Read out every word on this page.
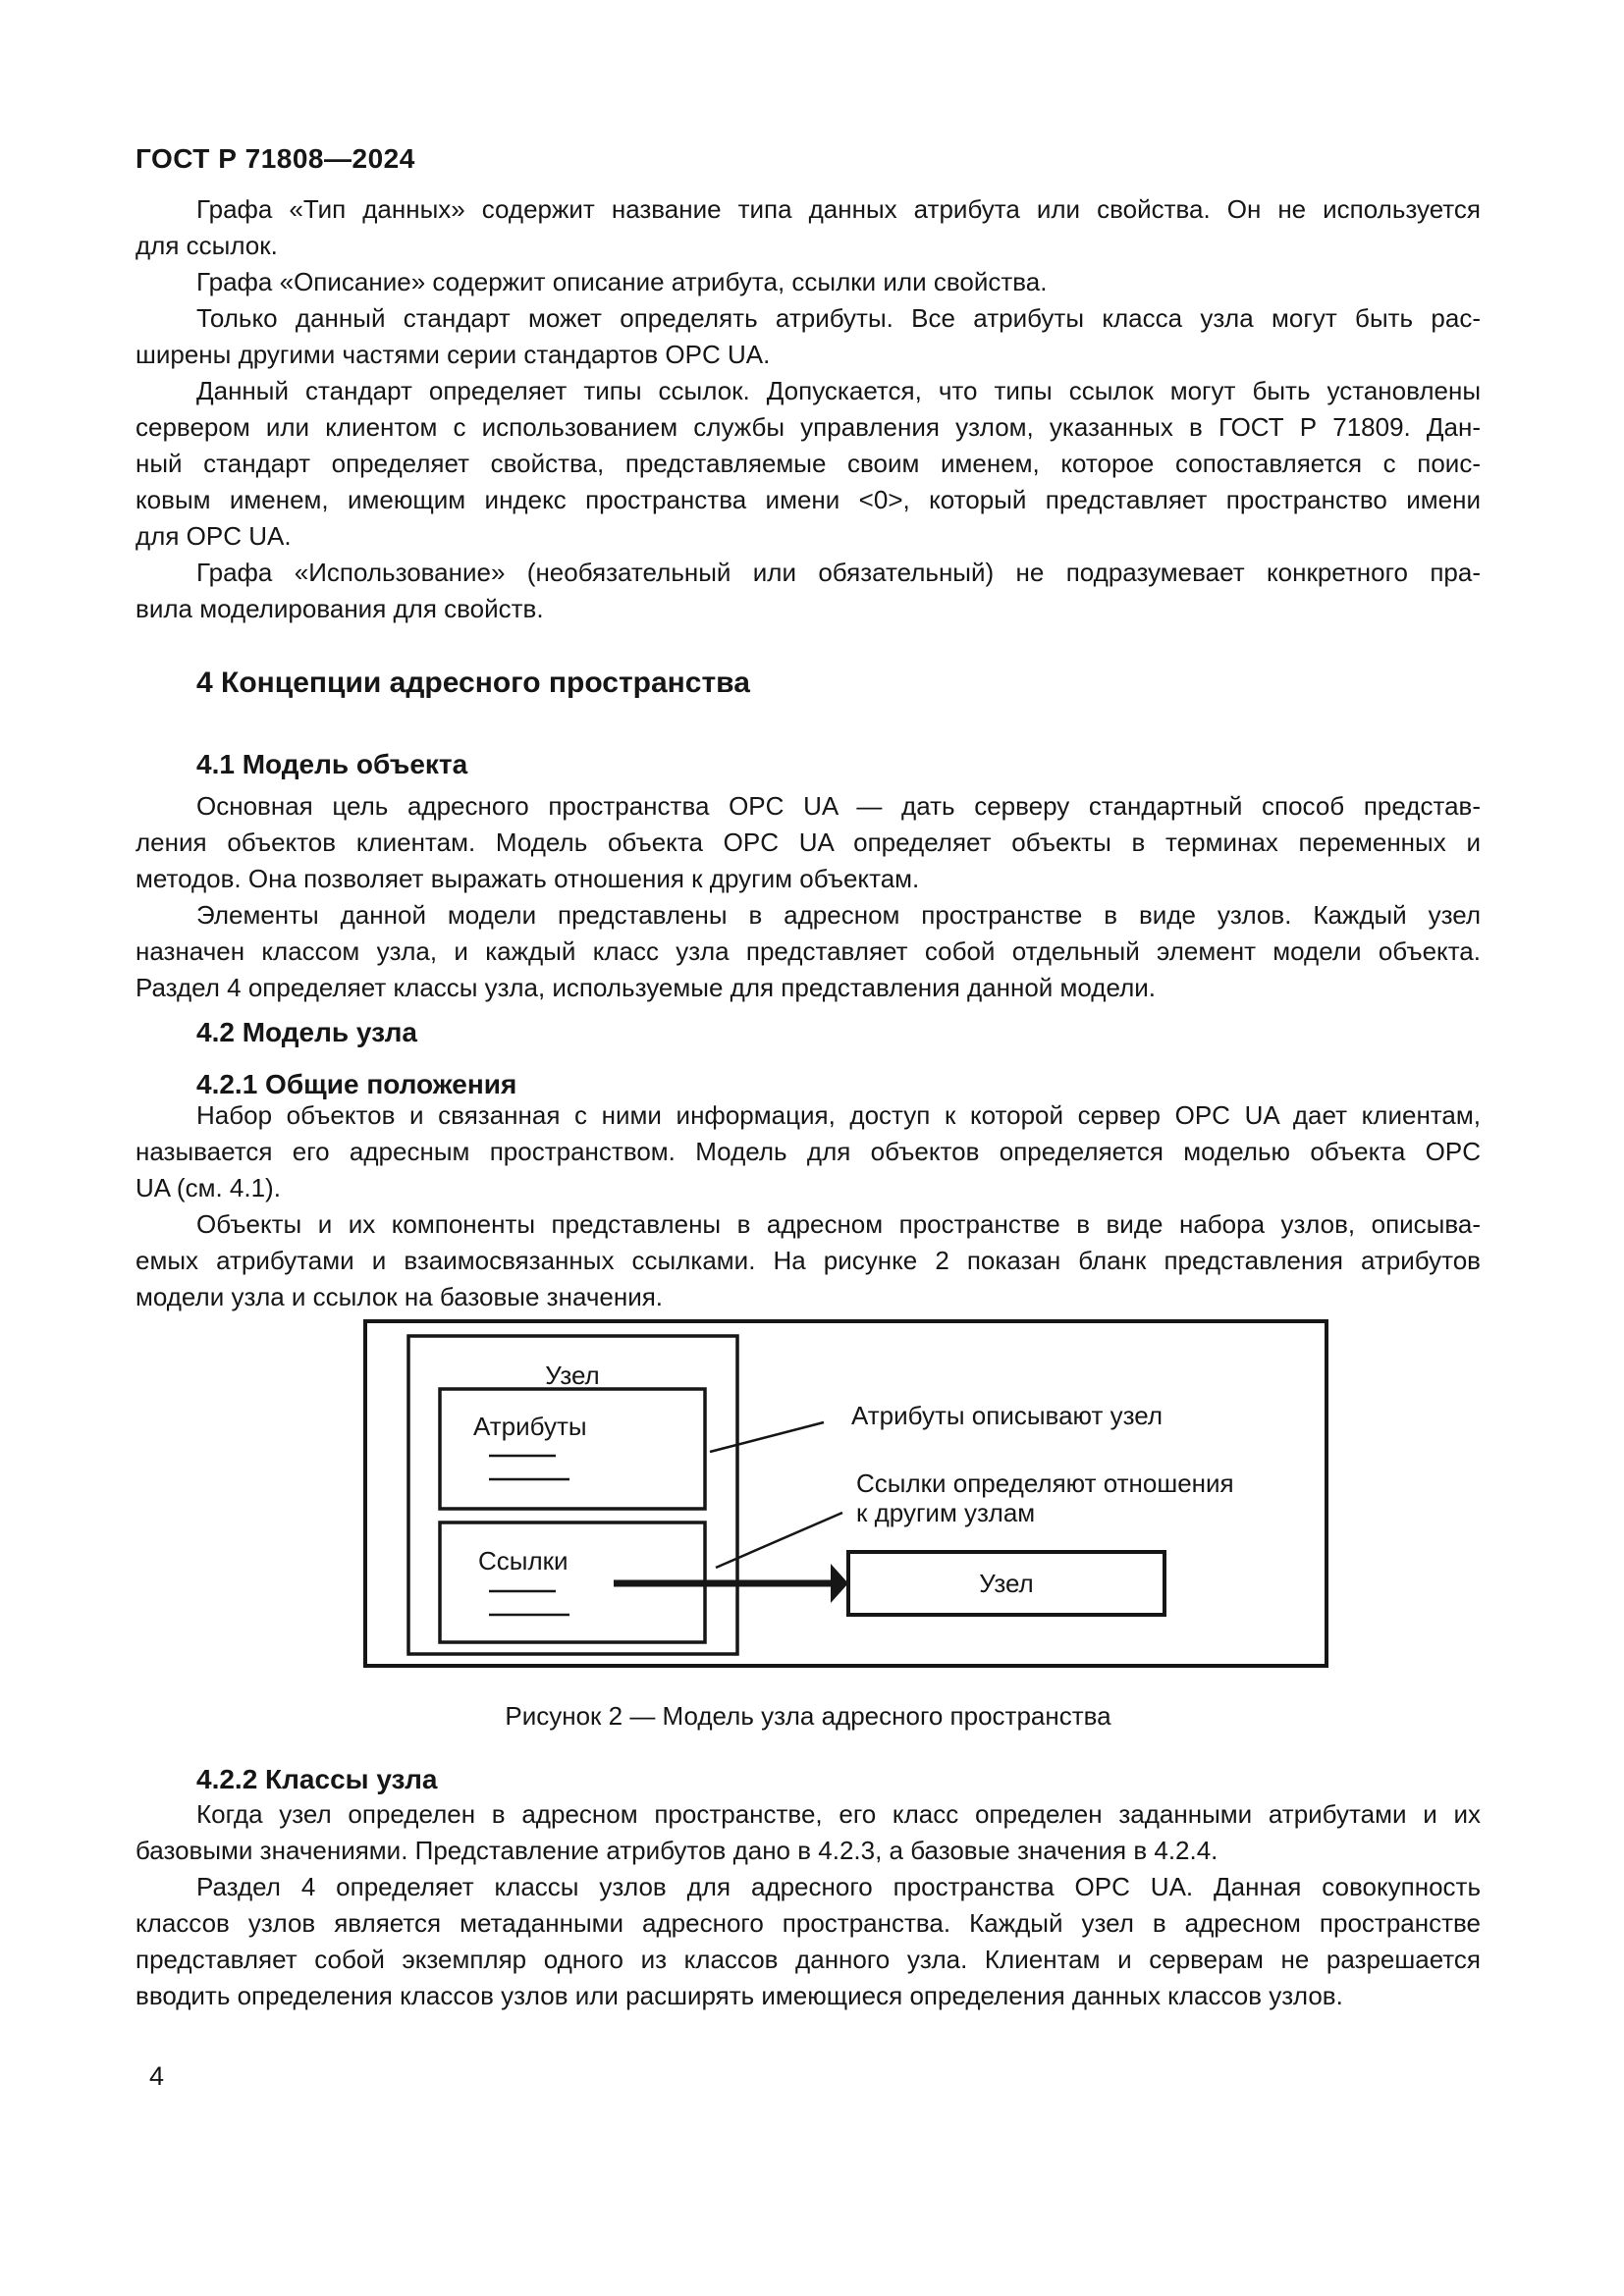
ГОСТ Р 71808—2024
Графа «Тип данных» содержит название типа данных атрибута или свойства. Он не используется
для ссылок.
Графа «Описание» содержит описание атрибута, ссылки или свойства.
Только данный стандарт может определять атрибуты. Все атрибуты класса узла могут быть рас-
ширены другими частями серии стандартов OPC UA.
Данный стандарт определяет типы ссылок. Допускается, что типы ссылок могут быть установлены
сервером или клиентом с использованием службы управления узлом, указанных в ГОСТ Р 71809. Дан-
ный стандарт определяет свойства, представляемые своим именем, которое сопоставляется с поис-
ковым именем, имеющим индекс пространства имени <0>, который представляет пространство имени
для OPC UA.
Графа «Использование» (необязательный или обязательный) не подразумевает конкретного пра-
вила моделирования для свойств.
4 Концепции адресного пространства
4.1 Модель объекта
Основная цель адресного пространства OPC UA — дать серверу стандартный способ представ-
ления объектов клиентам. Модель объекта OPC UA определяет объекты в терминах переменных и
методов. Она позволяет выражать отношения к другим объектам.
Элементы данной модели представлены в адресном пространстве в виде узлов. Каждый узел
назначен классом узла, и каждый класс узла представляет собой отдельный элемент модели объекта.
Раздел 4 определяет классы узла, используемые для представления данной модели.
4.2 Модель узла
4.2.1 Общие положения
Набор объектов и связанная с ними информация, доступ к которой сервер OPC UA дает клиентам,
называется его адресным пространством. Модель для объектов определяется моделью объекта OPC
UA (см. 4.1).
Объекты и их компоненты представлены в адресном пространстве в виде набора узлов, описыва-
емых атрибутами и взаимосвязанных ссылками. На рисунке 2 показан бланк представления атрибутов
модели узла и ссылок на базовые значения.
Узел
Атрибуты
Ссылки
Атрибуты описывают узел
Ссылки определяют отношения
к другим узлам
Узел
Рисунок 2 — Модель узла адресного пространства
4.2.2 Классы узла
Когда узел определен в адресном пространстве, его класс определен заданными атрибутами и их
базовыми значениями. Представление атрибутов дано в 4.2.3, а базовые значения в 4.2.4.
Раздел 4 определяет классы узлов для адресного пространства OPC UA. Данная совокупность
классов узлов является метаданными адресного пространства. Каждый узел в адресном пространстве
представляет собой экземпляр одного из классов данного узла. Клиентам и серверам не разрешается
вводить определения классов узлов или расширять имеющиеся определения данных классов узлов.
4
